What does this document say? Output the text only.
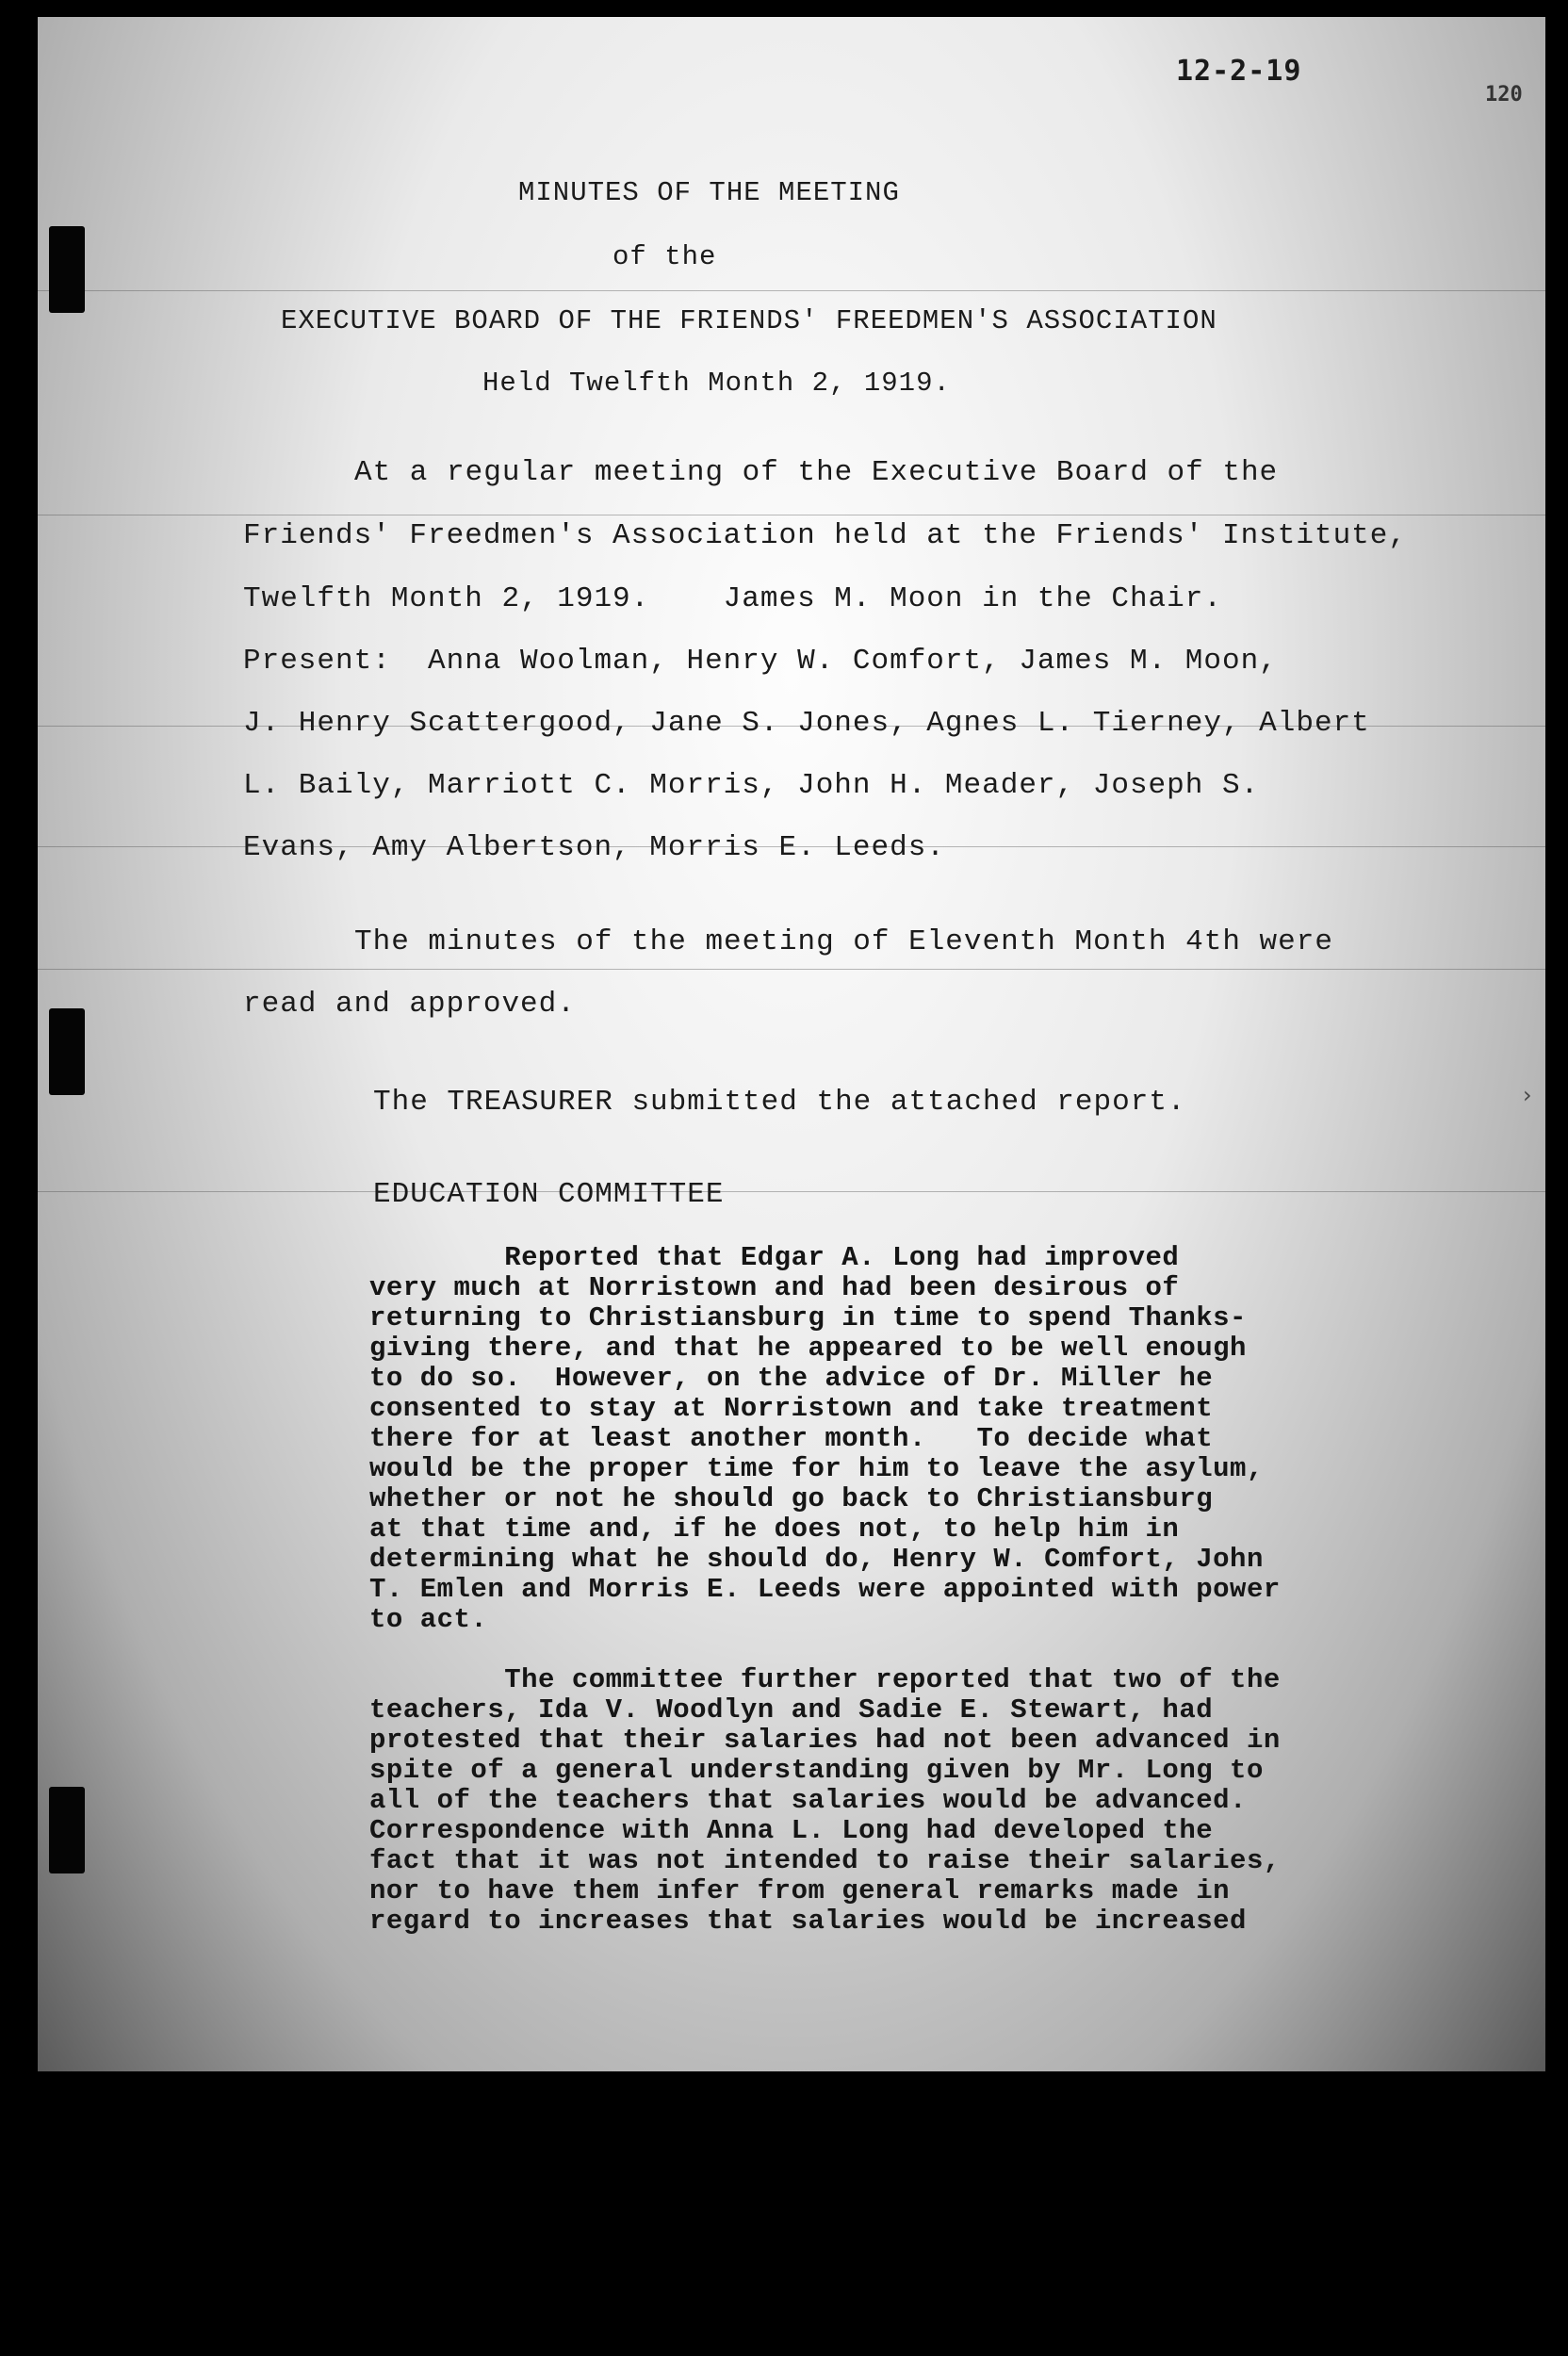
12-2-19
120

MINUTES OF THE MEETING

of the

EXECUTIVE BOARD OF THE FRIENDS' FREEDMEN'S ASSOCIATION

Held Twelfth Month 2, 1919.

At a regular meeting of the Executive Board of the

Friends' Freedmen's Association held at the Friends' Institute,

Twelfth Month 2, 1919.    James M. Moon in the Chair.

Present:  Anna Woolman, Henry W. Comfort, James M. Moon,

J. Henry Scattergood, Jane S. Jones, Agnes L. Tierney, Albert

L. Baily, Marriott C. Morris, John H. Meader, Joseph S.

Evans, Amy Albertson, Morris E. Leeds.

The minutes of the meeting of Eleventh Month 4th were

read and approved.

The TREASURER submitted the attached report.

EDUCATION COMMITTEE

Reported that Edgar A. Long had improved

very much at Norristown and had been desirous of

returning to Christiansburg in time to spend Thanks-

giving there, and that he appeared to be well enough

to do so.  However, on the advice of Dr. Miller he

consented to stay at Norristown and take treatment

there for at least another month.   To decide what

would be the proper time for him to leave the asylum,

whether or not he should go back to Christiansburg

at that time and, if he does not, to help him in

determining what he should do, Henry W. Comfort, John

T. Emlen and Morris E. Leeds were appointed with power

to act.

The committee further reported that two of the

teachers, Ida V. Woodlyn and Sadie E. Stewart, had

protested that their salaries had not been advanced in

spite of a general understanding given by Mr. Long to

all of the teachers that salaries would be advanced.

Correspondence with Anna L. Long had developed the

fact that it was not intended to raise their salaries,

nor to have them infer from general remarks made in

regard to increases that salaries would be increased

›
